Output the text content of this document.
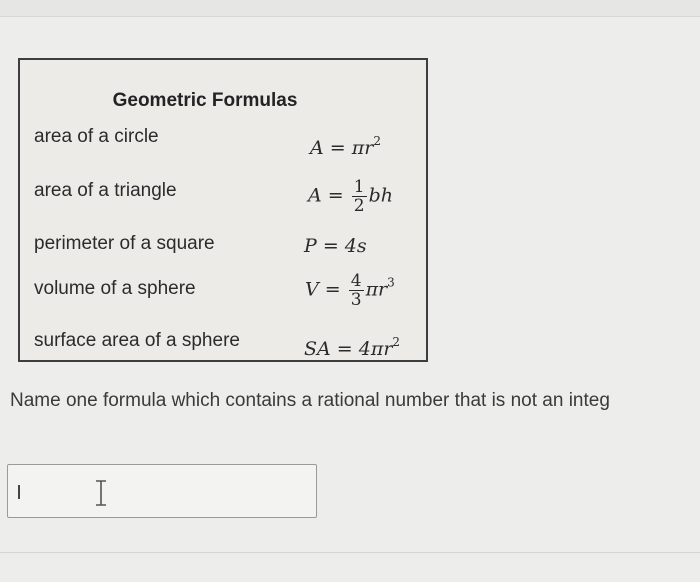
Geometric Formulas
area of a circle
area of a triangle
perimeter of a square
volume of a sphere
surface area of a sphere
$A = \pi r^2$
$A = \frac{1}{2}$ bh
P = 4s
$V = \frac{4}{3} \pi r^3$
SA = $4\pi r^2$
Name one formula which contains a rational number that is not an integ
